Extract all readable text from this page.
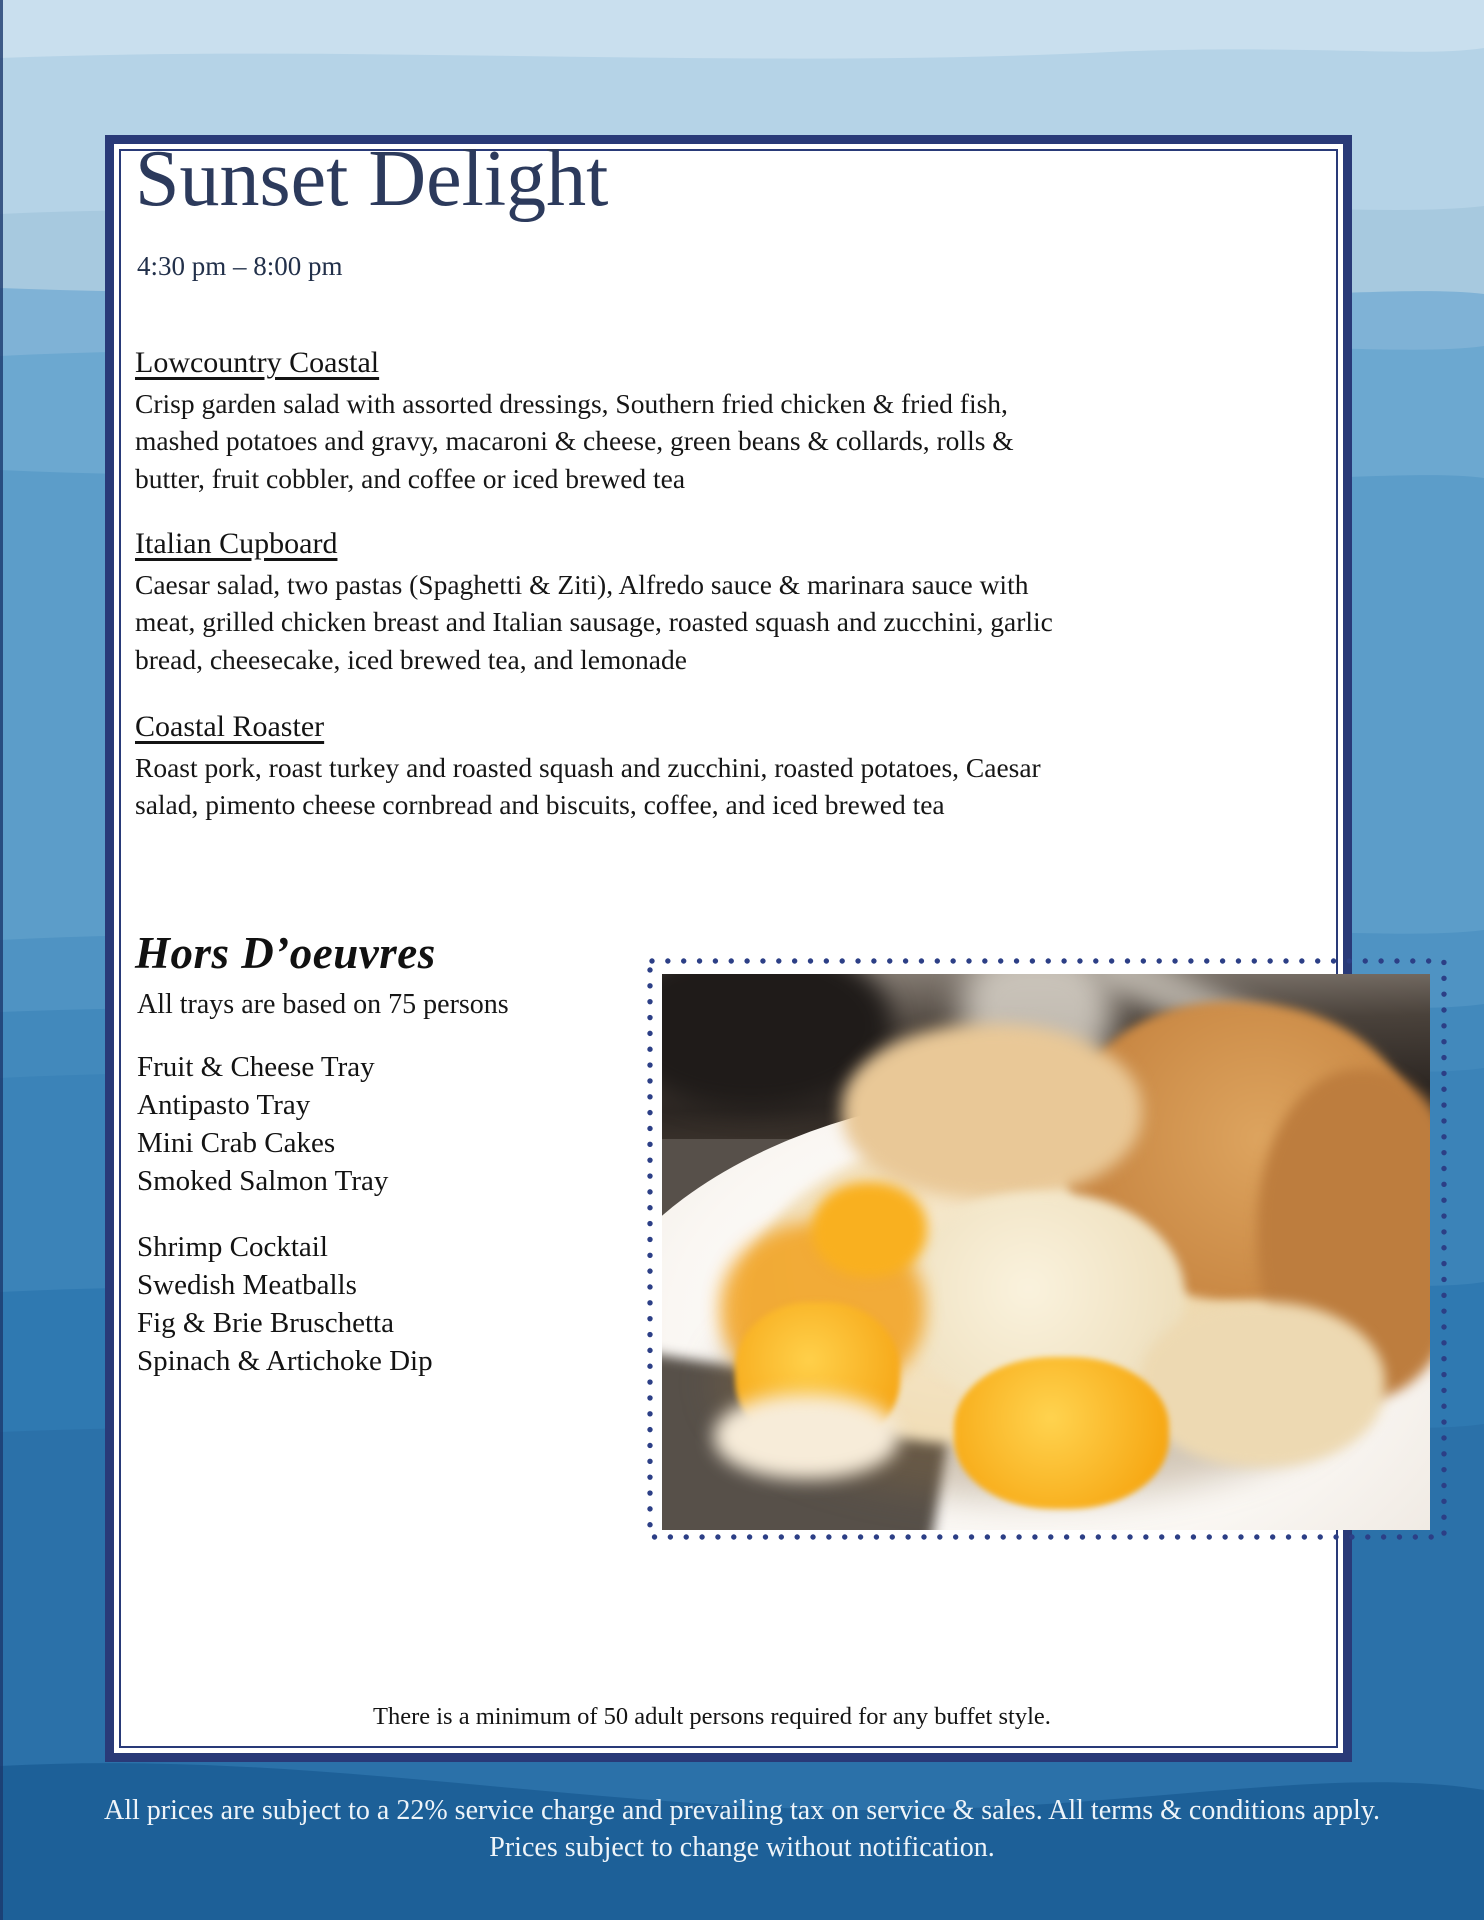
Sunset Delight
4:30 pm – 8:00 pm
Lowcountry Coastal

Crisp garden salad with assorted dressings, Southern fried chicken & fried fish, mashed potatoes and gravy, macaroni & cheese, green beans & collards, rolls & butter, fruit cobbler, and coffee or iced brewed tea

Italian Cupboard

Caesar salad, two pastas (Spaghetti & Ziti), Alfredo sauce & marinara sauce with meat, grilled chicken breast and Italian sausage, roasted squash and zucchini, garlic bread, cheesecake, iced brewed tea, and lemonade

Coastal Roaster

Roast pork, roast turkey and roasted squash and zucchini, roasted potatoes, Caesar salad, pimento cheese cornbread and biscuits, coffee, and iced brewed tea

Hors D’oeuvres
All trays are based on 75 persons
Fruit & Cheese Tray
Antipasto Tray
Mini Crab Cakes
Smoked Salmon Tray
Shrimp Cocktail
Swedish Meatballs
Fig & Brie Bruschetta
Spinach & Artichoke Dip
There is a minimum of 50 adult persons required for any buffet style.
All prices are subject to a 22% service charge and prevailing tax on service & sales. All terms & conditions apply.
Prices subject to change without notification.
